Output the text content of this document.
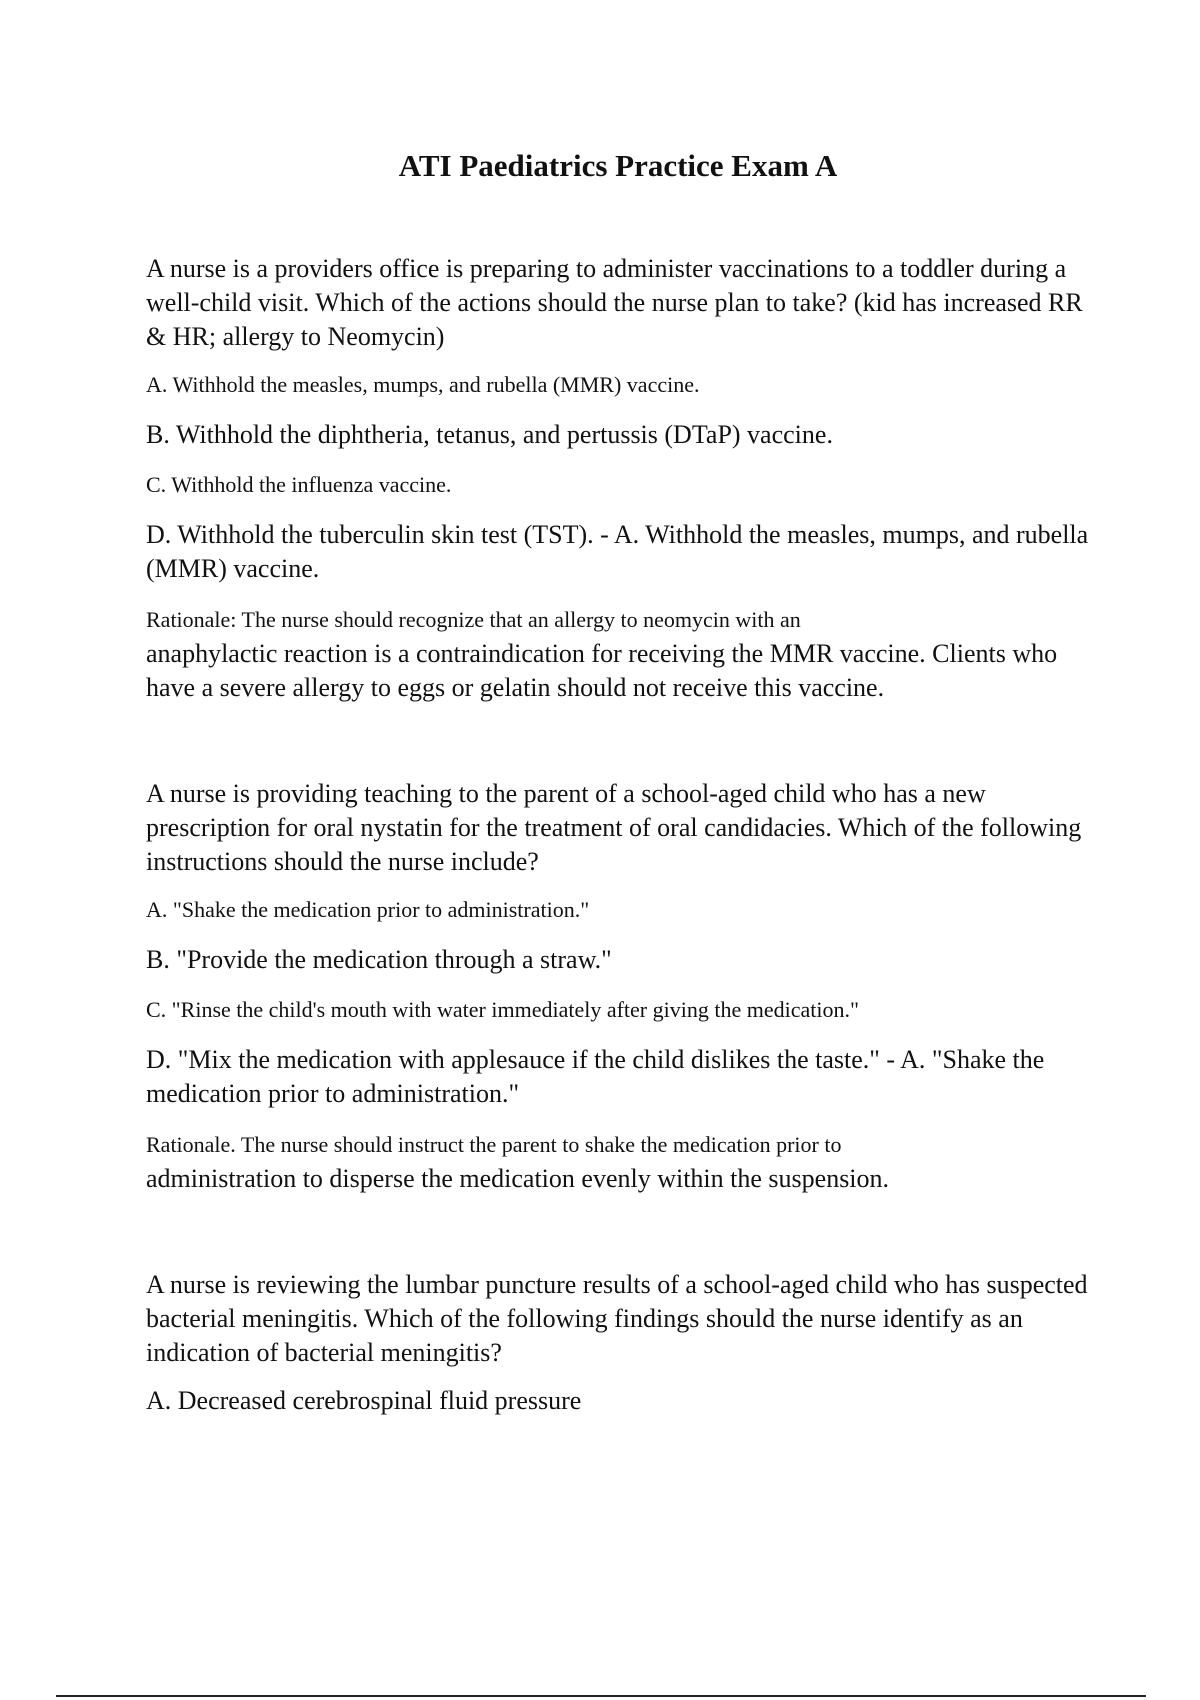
ATI Paediatrics Practice Exam A

A nurse is a providers office is preparing to administer vaccinations to a toddler during a well-child visit. Which of the actions should the nurse plan to take? (kid has increased RR & HR; allergy to Neomycin)

A. Withhold the measles, mumps, and rubella (MMR) vaccine.

B. Withhold the diphtheria, tetanus, and pertussis (DTaP) vaccine.

C. Withhold the influenza vaccine.

D. Withhold the tuberculin skin test (TST). - A. Withhold the measles, mumps, and rubella (MMR) vaccine.

Rationale: The nurse should recognize that an allergy to neomycin with an
anaphylactic reaction is a contraindication for receiving the MMR vaccine. Clients who have a severe allergy to eggs or gelatin should not receive this vaccine.

A nurse is providing teaching to the parent of a school-aged child who has a new prescription for oral nystatin for the treatment of oral candidacies. Which of the following instructions should the nurse include?

A. "Shake the medication prior to administration."

B. "Provide the medication through a straw."

C. "Rinse the child's mouth with water immediately after giving the medication."

D. "Mix the medication with applesauce if the child dislikes the taste." - A. "Shake the medication prior to administration."

Rationale. The nurse should instruct the parent to shake the medication prior to
administration to disperse the medication evenly within the suspension.

A nurse is reviewing the lumbar puncture results of a school-aged child who has suspected bacterial meningitis. Which of the following findings should the nurse identify as an indication of bacterial meningitis?

A. Decreased cerebrospinal fluid pressure
